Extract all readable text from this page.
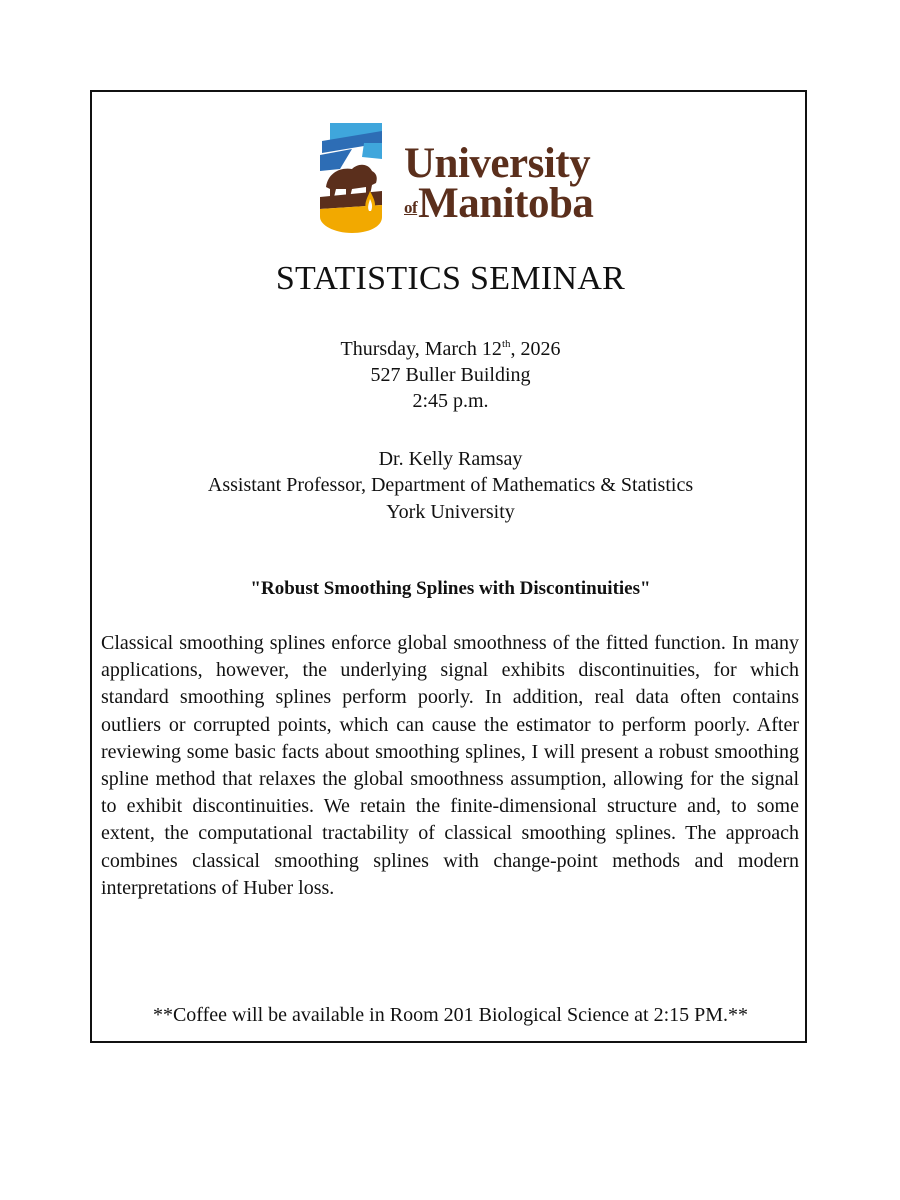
University
ofManitoba
STATISTICS SEMINAR
Thursday, March 12th, 2026
527 Buller Building
2:45 p.m.
Dr. Kelly Ramsay
Assistant Professor, Department of Mathematics & Statistics
York University
"Robust Smoothing Splines with Discontinuities"

Classical smoothing splines enforce global smoothness of the fitted function. In many applications, however, the underlying signal exhibits discontinuities, for which standard smoothing splines perform poorly. In addition, real data often contains outliers or corrupted points, which can cause the estimator to perform poorly. After reviewing some basic facts about smoothing splines, I will present a robust smoothing spline method that relaxes the global smoothness assumption, allowing for the signal to exhibit discontinuities. We retain the finite-dimensional structure and, to some extent, the computational tractability of classical smoothing splines. The approach combines classical smoothing splines with change-point methods and modern interpretations of Huber loss.

**Coffee will be available in Room 201 Biological Science at 2:15 PM.**
